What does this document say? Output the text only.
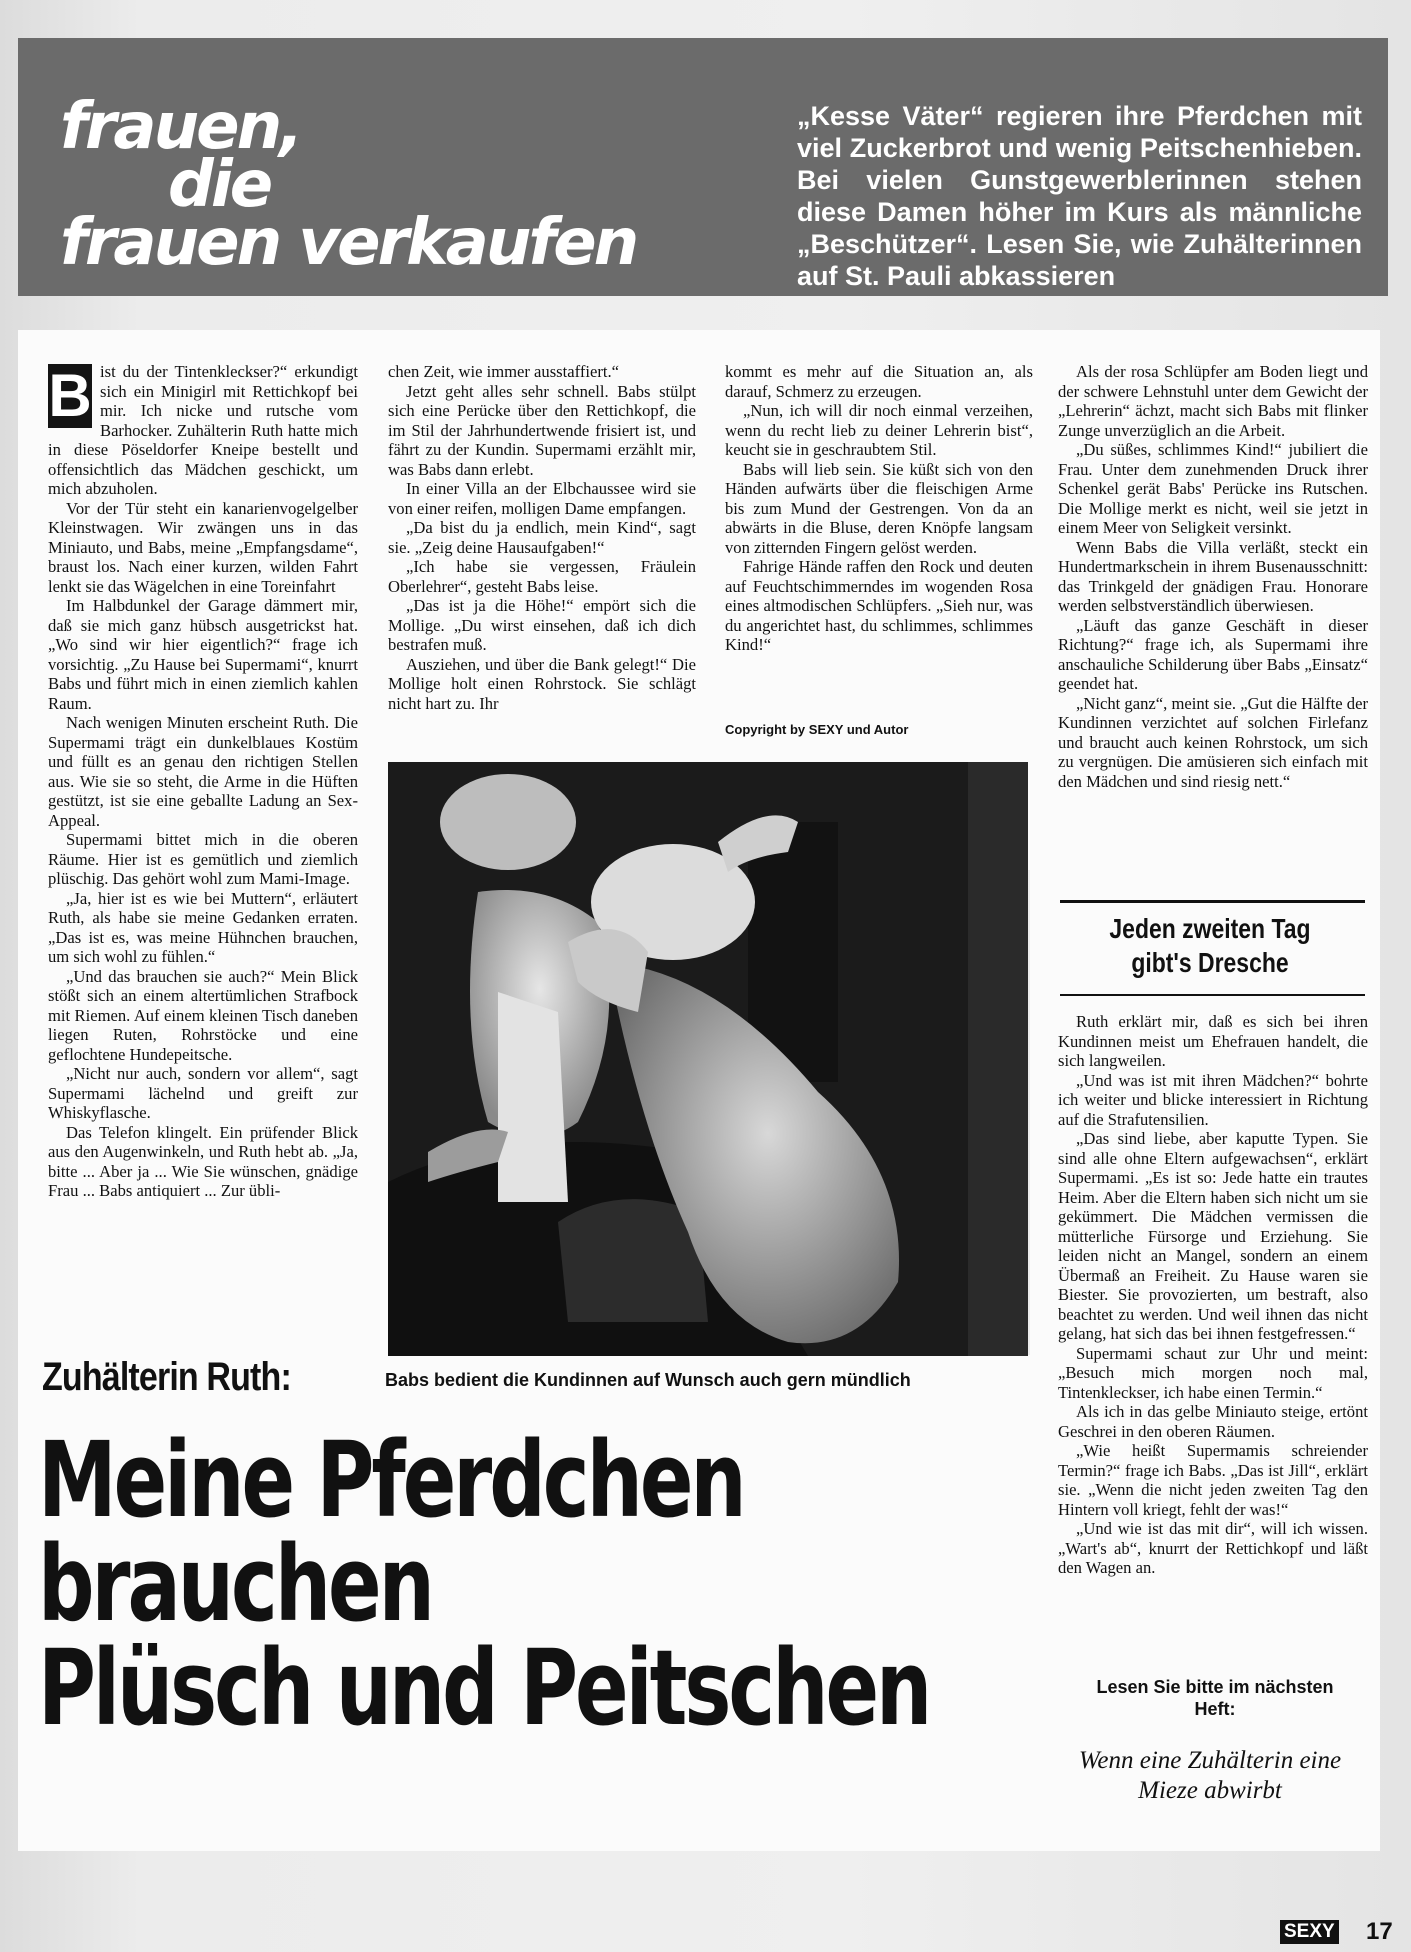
frauen,
die
frauen verkaufen
„Kesse Väter“ regieren ihre Pferdchen mit viel Zuckerbrot und wenig Peitschenhieben. Bei vielen Gunstgewerblerinnen stehen diese Damen höher im Kurs als männliche „Beschützer“. Lesen Sie, wie Zuhälterinnen auf St. Pauli abkassieren
B ist du der Tintenkleckser?“ erkundigt sich ein Minigirl mit Rettichkopf bei mir. Ich nicke und rutsche vom Barhocker. Zuhälterin Ruth hatte mich in diese Pöseldorfer Kneipe bestellt und offensichtlich das Mädchen geschickt, um mich abzuholen.

Vor der Tür steht ein kanarienvogelgelber Kleinstwagen. Wir zwängen uns in das Miniauto, und Babs, meine „Empfangsdame“, braust los. Nach einer kurzen, wilden Fahrt lenkt sie das Wägelchen in eine Toreinfahrt

Im Halbdunkel der Garage dämmert mir, daß sie mich ganz hübsch ausgetrickst hat. „Wo sind wir hier eigentlich?“ frage ich vorsichtig. „Zu Hause bei Supermami“, knurrt Babs und führt mich in einen ziemlich kahlen Raum.

Nach wenigen Minuten erscheint Ruth. Die Supermami trägt ein dunkelblaues Kostüm und füllt es an genau den richtigen Stellen aus. Wie sie so steht, die Arme in die Hüften gestützt, ist sie eine geballte Ladung an Sex-Appeal.

Supermami bittet mich in die oberen Räume. Hier ist es gemütlich und ziemlich plüschig. Das gehört wohl zum Mami-Image.

„Ja, hier ist es wie bei Muttern“, erläutert Ruth, als habe sie meine Gedanken erraten. „Das ist es, was meine Hühnchen brauchen, um sich wohl zu fühlen.“

„Und das brauchen sie auch?“ Mein Blick stößt sich an einem altertümlichen Strafbock mit Riemen. Auf einem kleinen Tisch daneben liegen Ruten, Rohrstöcke und eine geflochtene Hundepeitsche.

„Nicht nur auch, sondern vor allem“, sagt Supermami lächelnd und greift zur Whiskyflasche.

Das Telefon klingelt. Ein prüfender Blick aus den Augenwinkeln, und Ruth hebt ab. „Ja, bitte ... Aber ja ... Wie Sie wünschen, gnädige Frau ... Babs antiquiert ... Zur übli-

chen Zeit, wie immer ausstaffiert.“

Jetzt geht alles sehr schnell. Babs stülpt sich eine Perücke über den Rettichkopf, die im Stil der Jahrhundertwende frisiert ist, und fährt zu der Kundin. Supermami erzählt mir, was Babs dann erlebt.

In einer Villa an der Elbchaussee wird sie von einer reifen, molligen Dame empfangen.

„Da bist du ja endlich, mein Kind“, sagt sie. „Zeig deine Hausaufgaben!“

„Ich habe sie vergessen, Fräulein Oberlehrer“, gesteht Babs leise.

„Das ist ja die Höhe!“ empört sich die Mollige. „Du wirst einsehen, daß ich dich bestrafen muß.

Ausziehen, und über die Bank gelegt!“ Die Mollige holt einen Rohrstock. Sie schlägt nicht hart zu. Ihr

kommt es mehr auf die Situation an, als darauf, Schmerz zu erzeugen.

„Nun, ich will dir noch einmal verzeihen, wenn du recht lieb zu deiner Lehrerin bist“, keucht sie in geschraubtem Stil.

Babs will lieb sein. Sie küßt sich von den Händen aufwärts über die fleischigen Arme bis zum Mund der Gestrengen. Von da an abwärts in die Bluse, deren Knöpfe langsam von zitternden Fingern gelöst werden.

Fahrige Hände raffen den Rock und deuten auf Feuchtschimmerndes im wogenden Rosa eines altmodischen Schlüpfers. „Sieh nur, was du angerichtet hast, du schlimmes, schlimmes Kind!“

Copyright by SEXY und Autor

Als der rosa Schlüpfer am Boden liegt und der schwere Lehnstuhl unter dem Gewicht der „Lehrerin“ ächzt, macht sich Babs mit flinker Zunge unverzüglich an die Arbeit.

„Du süßes, schlimmes Kind!“ jubiliert die Frau. Unter dem zunehmenden Druck ihrer Schenkel gerät Babs' Perücke ins Rutschen. Die Mollige merkt es nicht, weil sie jetzt in einem Meer von Seligkeit versinkt.

Wenn Babs die Villa verläßt, steckt ein Hundertmarkschein in ihrem Busenausschnitt: das Trinkgeld der gnädigen Frau. Honorare werden selbstverständlich überwiesen.

„Läuft das ganze Geschäft in dieser Richtung?“ frage ich, als Supermami ihre anschauliche Schilderung über Babs „Einsatz“ geendet hat.

„Nicht ganz“, meint sie. „Gut die Hälfte der Kundinnen verzichtet auf solchen Firlefanz und braucht auch keinen Rohrstock, um sich zu vergnügen. Die amüsieren sich einfach mit den Mädchen und sind riesig nett.“

Jeden zweiten Tag gibt's Dresche

Ruth erklärt mir, daß es sich bei ihren Kundinnen meist um Ehefrauen handelt, die sich langweilen.

„Und was ist mit ihren Mädchen?“ bohrte ich weiter und blicke interessiert in Richtung auf die Strafutensilien.

„Das sind liebe, aber kaputte Typen. Sie sind alle ohne Eltern aufgewachsen“, erklärt Supermami. „Es ist so: Jede hatte ein trautes Heim. Aber die Eltern haben sich nicht um sie gekümmert. Die Mädchen vermissen die mütterliche Fürsorge und Erziehung. Sie leiden nicht an Mangel, sondern an einem Übermaß an Freiheit. Zu Hause waren sie Biester. Sie provozierten, um bestraft, also beachtet zu werden. Und weil ihnen das nicht gelang, hat sich das bei ihnen festgefressen.“

Supermami schaut zur Uhr und meint: „Besuch mich morgen noch mal, Tintenkleckser, ich habe einen Termin.“

Als ich in das gelbe Miniauto steige, ertönt Geschrei in den oberen Räumen.

„Wie heißt Supermamis schreiender Termin?“ frage ich Babs. „Das ist Jill“, erklärt sie. „Wenn die nicht jeden zweiten Tag den Hintern voll kriegt, fehlt der was!“

„Und wie ist das mit dir“, will ich wissen. „Wart's ab“, knurrt der Rettichkopf und läßt den Wagen an.

Babs bedient die Kundinnen auf Wunsch auch gern mündlich
Zuhälterin Ruth:
Meine Pferdchen
brauchen
Plüsch und Peitschen	Lesen Sie bitte im nächsten Heft:
Wenn eine Zuhälterin eine Mieze abwirbt
SEXY 17
